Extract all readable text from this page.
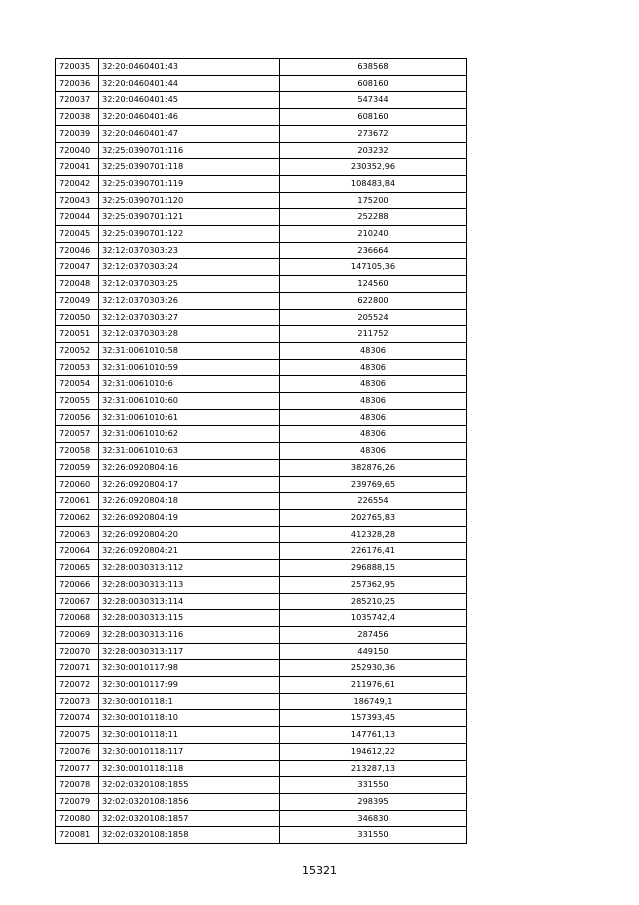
720035	32:20:0460401:43	638568
720036	32:20:0460401:44	608160
720037	32:20:0460401:45	547344
720038	32:20:0460401:46	608160
720039	32:20:0460401:47	273672
720040	32:25:0390701:116	203232
720041	32:25:0390701:118	230352,96
720042	32:25:0390701:119	108483,84
720043	32:25:0390701:120	175200
720044	32:25:0390701:121	252288
720045	32:25:0390701:122	210240
720046	32:12:0370303:23	236664
720047	32:12:0370303:24	147105,36
720048	32:12:0370303:25	124560
720049	32:12:0370303:26	622800
720050	32:12:0370303:27	205524
720051	32:12:0370303:28	211752
720052	32:31:0061010:58	48306
720053	32:31:0061010:59	48306
720054	32:31:0061010:6	48306
720055	32:31:0061010:60	48306
720056	32:31:0061010:61	48306
720057	32:31:0061010:62	48306
720058	32:31:0061010:63	48306
720059	32:26:0920804:16	382876,26
720060	32:26:0920804:17	239769,65
720061	32:26:0920804:18	226554
720062	32:26:0920804:19	202765,83
720063	32:26:0920804:20	412328,28
720064	32:26:0920804:21	226176,41
720065	32:28:0030313:112	296888,15
720066	32:28:0030313:113	257362,95
720067	32:28:0030313:114	285210,25
720068	32:28:0030313:115	1035742,4
720069	32:28:0030313:116	287456
720070	32:28:0030313:117	449150
720071	32:30:0010117:98	252930,36
720072	32:30:0010117:99	211976,61
720073	32:30:0010118:1	186749,1
720074	32:30:0010118:10	157393,45
720075	32:30:0010118:11	147761,13
720076	32:30:0010118:117	194612,22
720077	32:30:0010118:118	213287,13
720078	32:02:0320108:1855	331550
720079	32:02:0320108:1856	298395
720080	32:02:0320108:1857	346830
720081	32:02:0320108:1858	331550
15321
